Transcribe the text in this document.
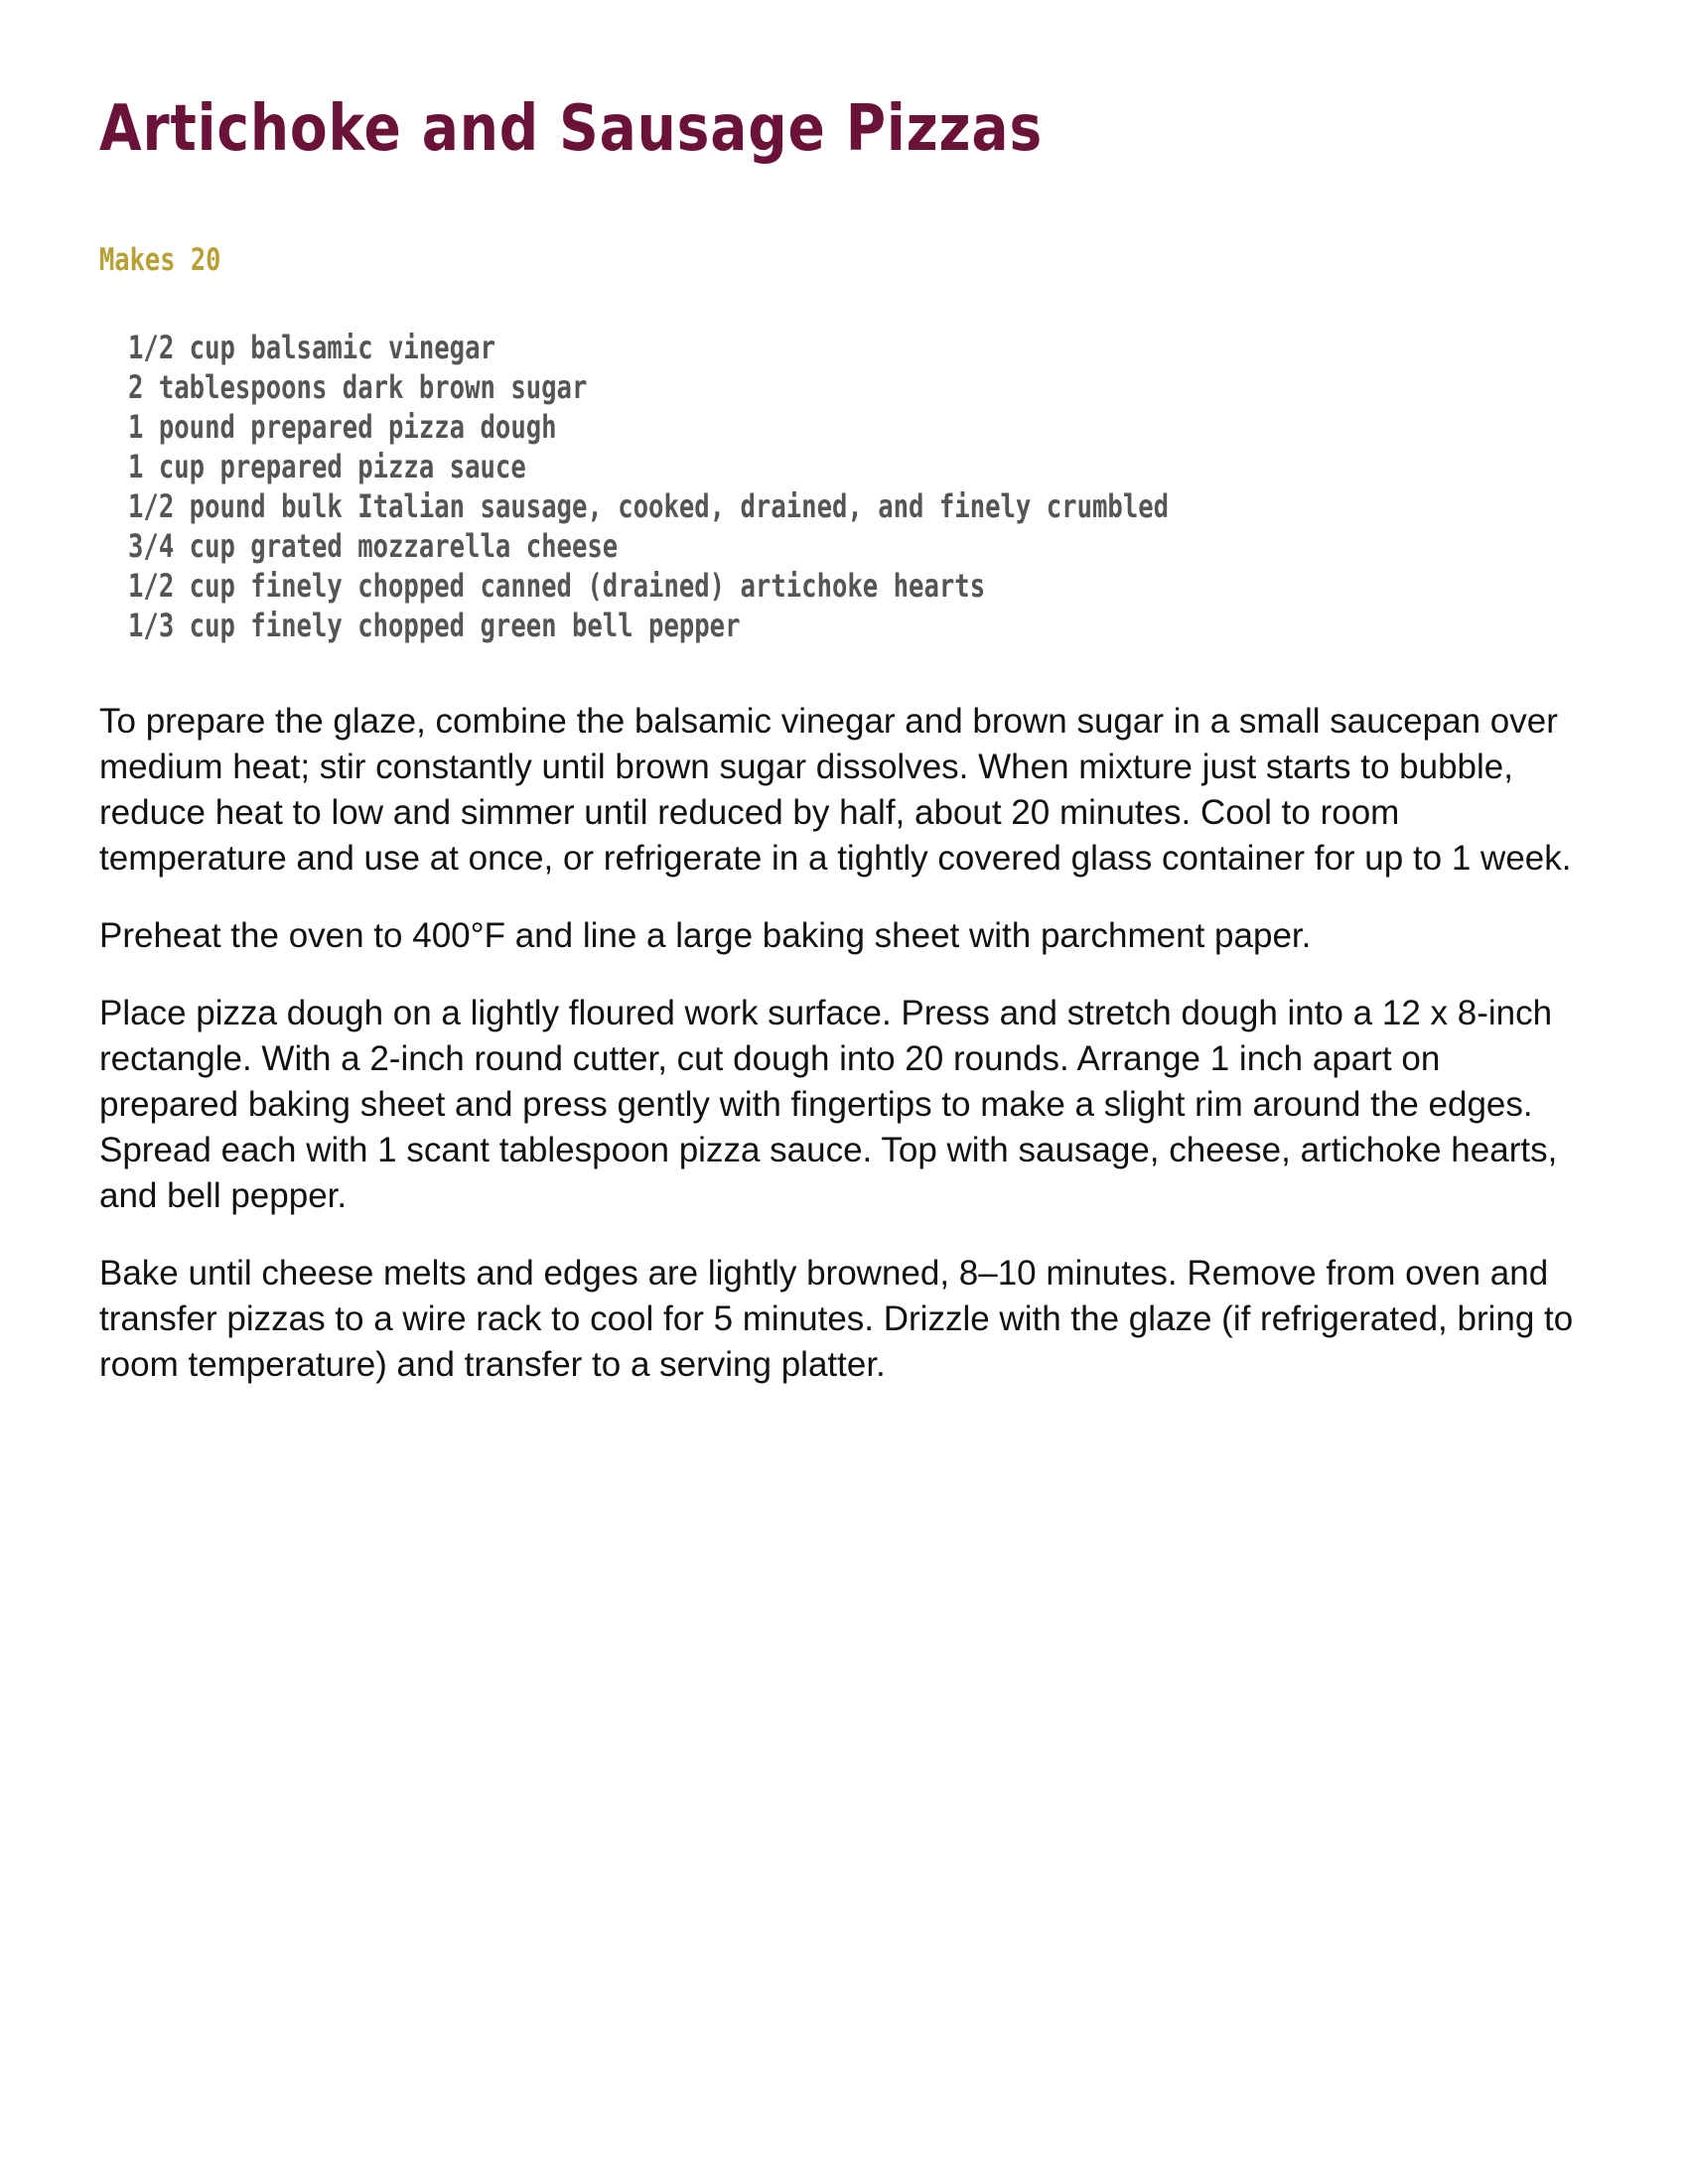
Artichoke and Sausage Pizzas
Makes 20
1/2 cup balsamic vinegar
2 tablespoons dark brown sugar
1 pound prepared pizza dough
1 cup prepared pizza sauce
1/2 pound bulk Italian sausage, cooked, drained, and finely crumbled
3/4 cup grated mozzarella cheese
1/2 cup finely chopped canned (drained) artichoke hearts
1/3 cup finely chopped green bell pepper

To prepare the glaze, combine the balsamic vinegar and brown sugar in a small saucepan over medium heat; stir constantly until brown sugar dissolves. When mixture just starts to bubble, reduce heat to low and simmer until reduced by half, about 20 minutes. Cool to room temperature and use at once, or refrigerate in a tightly covered glass container for up to 1 week.

Preheat the oven to 400°F and line a large baking sheet with parchment paper.

Place pizza dough on a lightly floured work surface. Press and stretch dough into a 12 x 8-inch rectangle. With a 2-inch round cutter, cut dough into 20 rounds. Arrange 1 inch apart on prepared baking sheet and press gently with fingertips to make a slight rim around the edges. Spread each with 1 scant tablespoon pizza sauce. Top with sausage, cheese, artichoke hearts, and bell pepper.

Bake until cheese melts and edges are lightly browned, 8–10 minutes. Remove from oven and transfer pizzas to a wire rack to cool for 5 minutes. Drizzle with the glaze (if refrigerated, bring to room temperature) and transfer to a serving platter.
